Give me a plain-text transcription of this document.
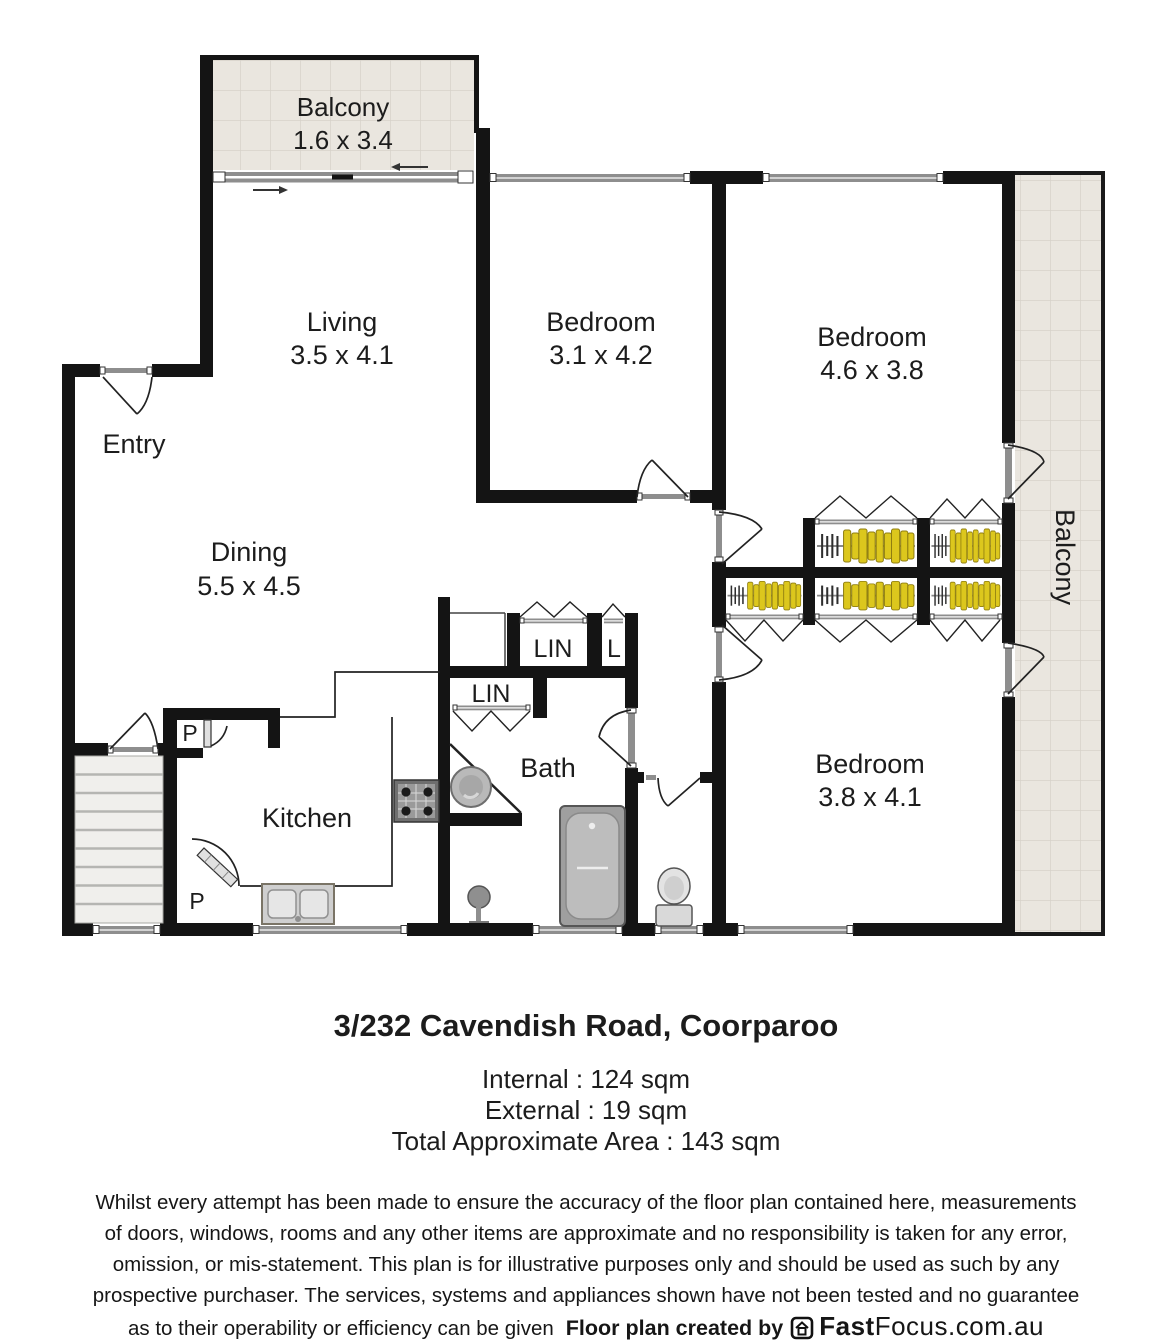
Balcony
1.6 x 3.4
Living
3.5 x 4.1
Bedroom
3.1 x 4.2
Bedroom
4.6 x 3.8
Entry
Dining
5.5 x 4.5
Bedroom
3.8 x 4.1
Bath
Kitchen
Balcony
LIN L
LIN
P
P
3/232 Cavendish Road, Coorparoo
Internal : 124 sqm
External : 19 sqm
Total Approximate Area : 143 sqm
Whilst every attempt has been made to ensure the accuracy of the floor plan contained here, measurements
of doors, windows, rooms and any other items are approximate and no responsibility is taken for any error,
omission, or mis-statement. This plan is for illustrative purposes only and should be used as such by any
prospective purchaser. The services, systems and appliances shown have not been tested and no guarantee
as to their operability or efficiency can be given Floor plan created by FastFocus.com.au
